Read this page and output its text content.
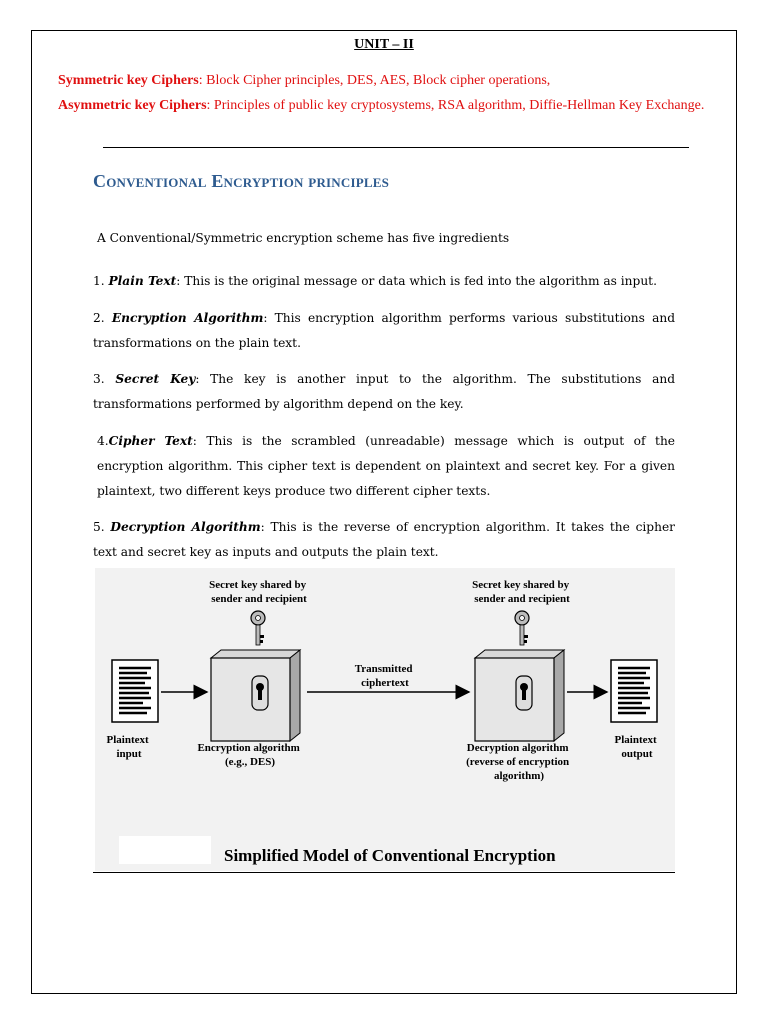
UNIT – II

Symmetric key Ciphers: Block Cipher principles, DES, AES, Block cipher operations,

Asymmetric key Ciphers: Principles of public key cryptosystems, RSA algorithm, Diffie-Hellman Key Exchange.

Conventional Encryption principles

A Conventional/Symmetric encryption scheme has five ingredients

1. Plain Text: This is the original message or data which is fed into the algorithm as input.

2. Encryption Algorithm: This encryption algorithm performs various substitutions and transformations on the plain text.

3. Secret Key: The key is another input to the algorithm. The substitutions and transformations performed by algorithm depend on the key.

4.Cipher Text: This is the scrambled (unreadable) message which is output of the encryption algorithm. This cipher text is dependent on plaintext and secret key. For a given plaintext, two different keys produce two different cipher texts.

5. Decryption Algorithm: This is the reverse of encryption algorithm. It takes the cipher text and secret key as inputs and outputs the plain text.

Plaintext input	Encryption algorithm (e.g., DES)
Secret key shared by sender and recipient
Transmitted ciphertext
Decryption algorithm (reverse of encryption algorithm)
Secret key shared by sender and recipient
Plaintext output
Simplified Model of Conventional Encryption
